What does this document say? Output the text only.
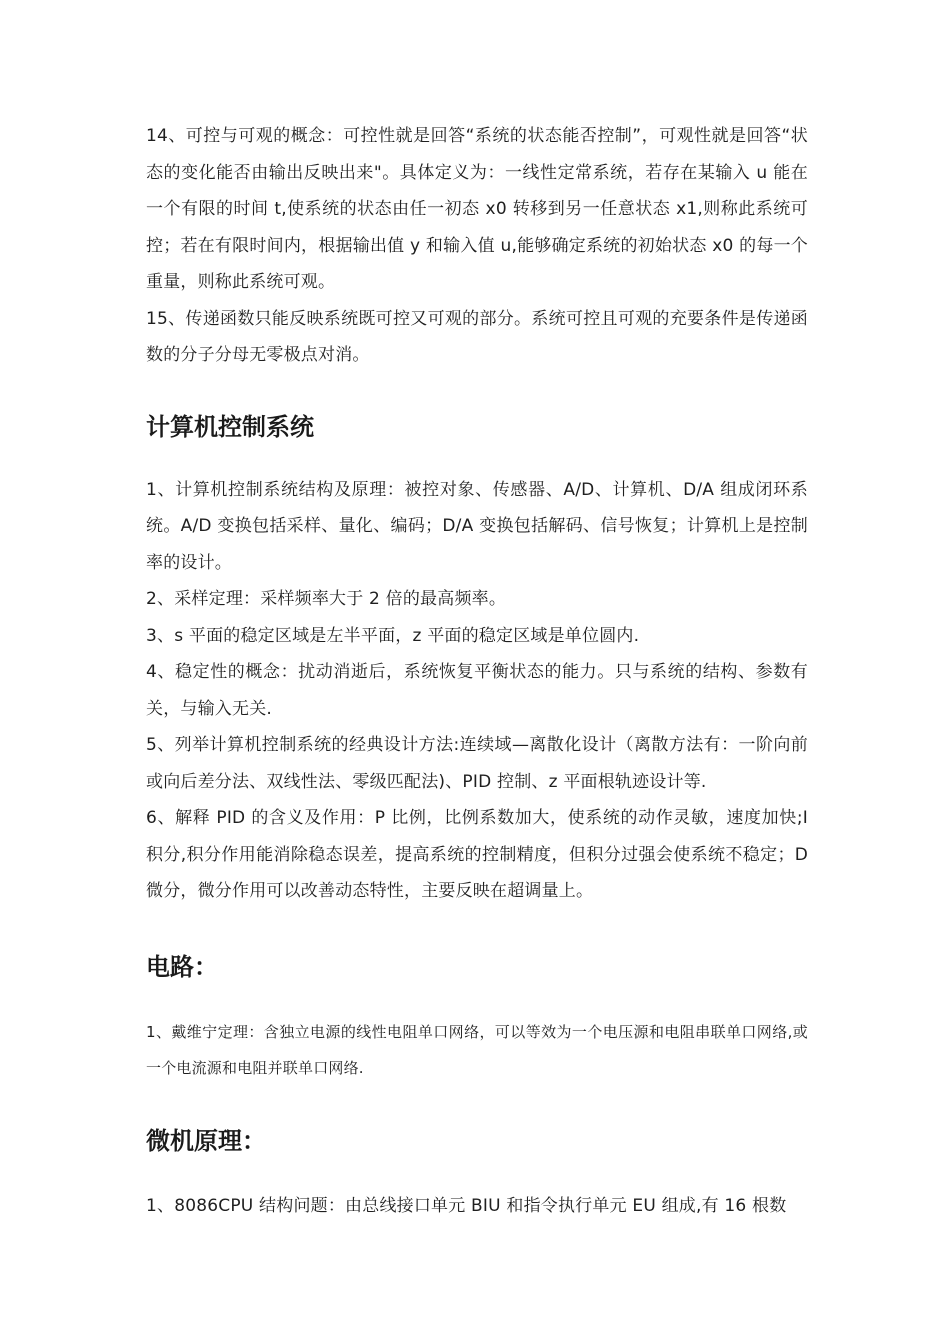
14、可控与可观的概念：可控性就是回答“系统的状态能否控制”，可观性就是回答“状态的变化能否由输出反映出来"。具体定义为：一线性定常系统，若存在某输入 u 能在一个有限的时间 t,使系统的状态由任一初态 x0 转移到另一任意状态 x1,则称此系统可控；若在有限时间内，根据输出值 y 和输入值 u,能够确定系统的初始状态 x0 的每一个重量，则称此系统可观。

15、传递函数只能反映系统既可控又可观的部分。系统可控且可观的充要条件是传递函数的分子分母无零极点对消。

计算机控制系统

1、计算机控制系统结构及原理：被控对象、传感器、A/D、计算机、D/A 组成闭环系统。A/D 变换包括采样、量化、编码；D/A 变换包括解码、信号恢复；计算机上是控制率的设计。

2、采样定理：采样频率大于 2 倍的最高频率。

3、s 平面的稳定区域是左半平面，z 平面的稳定区域是单位圆内.

4、稳定性的概念：扰动消逝后，系统恢复平衡状态的能力。只与系统的结构、参数有关，与输入无关.

5、列举计算机控制系统的经典设计方法:连续域—离散化设计（离散方法有：一阶向前或向后差分法、双线性法、零级匹配法)、PID 控制、z 平面根轨迹设计等.

6、解释 PID 的含义及作用：P 比例，比例系数加大，使系统的动作灵敏，速度加快;I 积分,积分作用能消除稳态误差，提高系统的控制精度，但积分过强会使系统不稳定；D 微分，微分作用可以改善动态特性，主要反映在超调量上。

电路：

1、戴维宁定理：含独立电源的线性电阻单口网络，可以等效为一个电压源和电阻串联单口网络,或一个电流源和电阻并联单口网络.

微机原理：

1、8086CPU 结构问题：由总线接口单元 BIU 和指令执行单元 EU 组成,有 16 根数
